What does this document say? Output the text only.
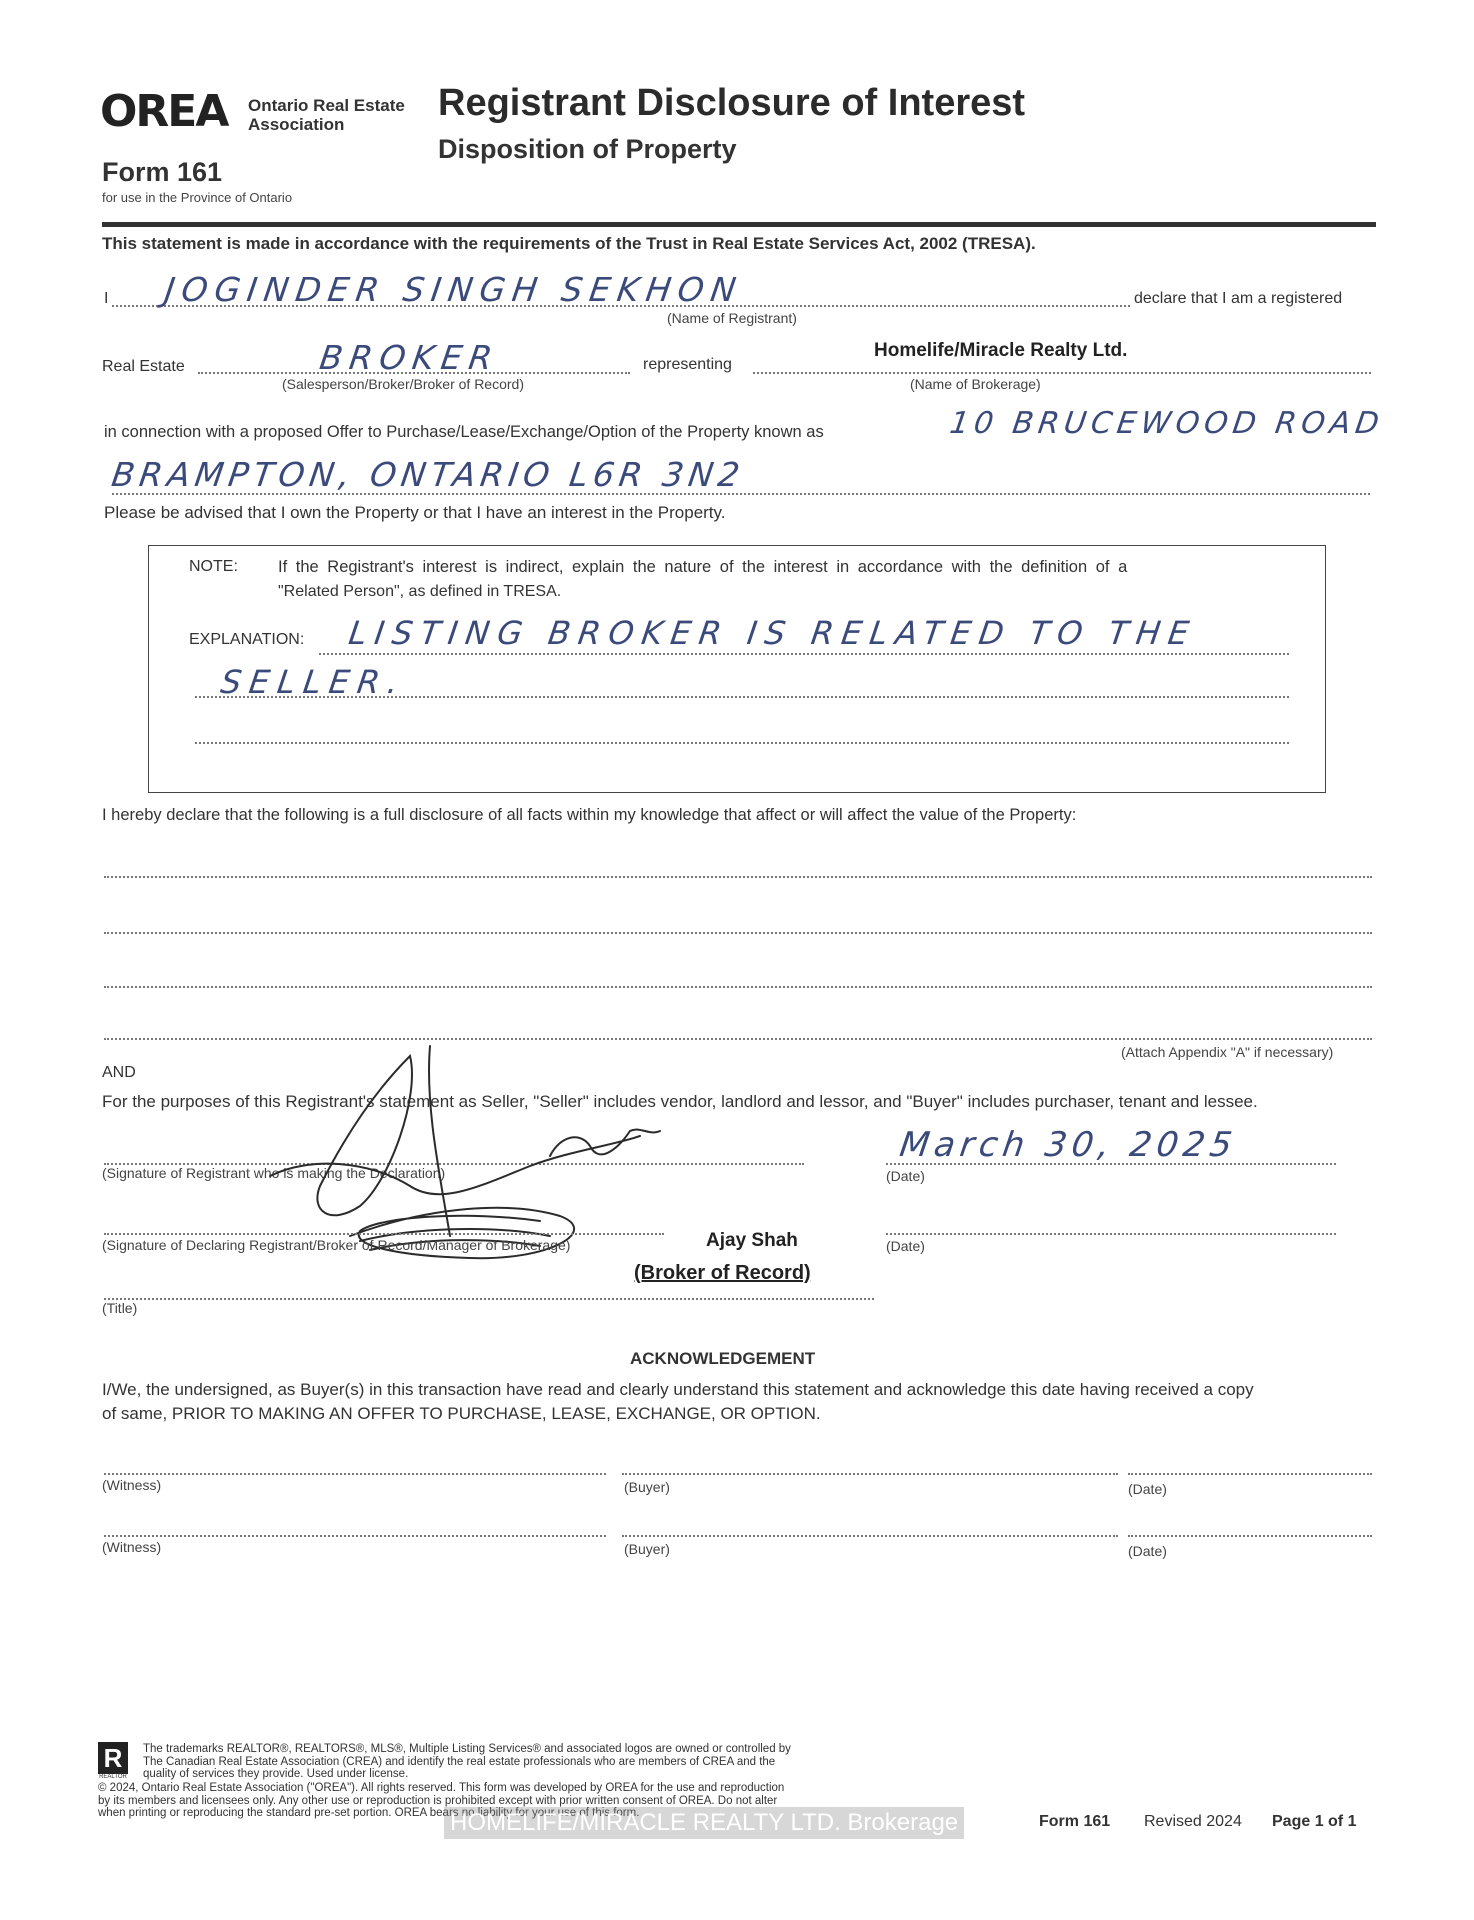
OREA	Ontario Real Estate
Association
Form 161
for use in the Province of Ontario
Registrant Disclosure of Interest
Disposition of Property
This statement is made in accordance with the requirements of the Trust in Real Estate Services Act, 2002 (TRESA).
I JOGINDER SINGH SEKHON
(Name of Registrant)
declare that I am a registered
Real Estate	BROKER
(Salesperson/Broker/Broker of Record)
representing
Homelife/Miracle Realty Ltd.
(Name of Brokerage)
in connection with a proposed Offer to Purchase/Lease/Exchange/Option of the Property known as	10 BRUCEWOOD ROAD
BRAMPTON, ONTARIO L6R 3N2
Please be advised that I own the Property or that I have an interest in the Property.
NOTE: If the Registrant's interest is indirect, explain the nature of the interest in accordance with the definition of a
"Related Person", as defined in TRESA.
EXPLANATION: LISTING BROKER IS RELATED TO THE
SELLER.
I hereby declare that the following is a full disclosure of all facts within my knowledge that affect or will affect the value of the Property:
(Attach Appendix "A" if necessary)
AND
For the purposes of this Registrant's statement as Seller, "Seller" includes vendor, landlord and lessor, and "Buyer" includes purchaser, tenant and lessee.
(Signature of Registrant who is making the Declaration)
March 30, 2025
(Date)
(Signature of Declaring Registrant/Broker of Record/Manager of Brokerage)	Ajay Shah	(Date)
(Broker of Record)
(Title)
ACKNOWLEDGEMENT
I/We, the undersigned, as Buyer(s) in this transaction have read and clearly understand this statement and acknowledge this date having received a copy
of same, PRIOR TO MAKING AN OFFER TO PURCHASE, LEASE, EXCHANGE, OR OPTION.
(Witness)	(Buyer)	(Date)
(Witness)	(Buyer)	(Date)
R
REALTOR
The trademarks REALTOR®, REALTORS®, MLS®, Multiple Listing Services® and associated logos are owned or controlled by
The Canadian Real Estate Association (CREA) and identify the real estate professionals who are members of CREA and the
quality of services they provide. Used under license.
© 2024, Ontario Real Estate Association ("OREA"). All rights reserved. This form was developed by OREA for the use and reproduction
by its members and licensees only. Any other use or reproduction is prohibited except with prior written consent of OREA. Do not alter
when printing or reproducing the standard pre-set portion. OREA bears no liability for your use of this form.	Form 161 Revised 2024 Page 1 of 1
HOMELIFE/MIRACLE REALTY LTD. Brokerage
